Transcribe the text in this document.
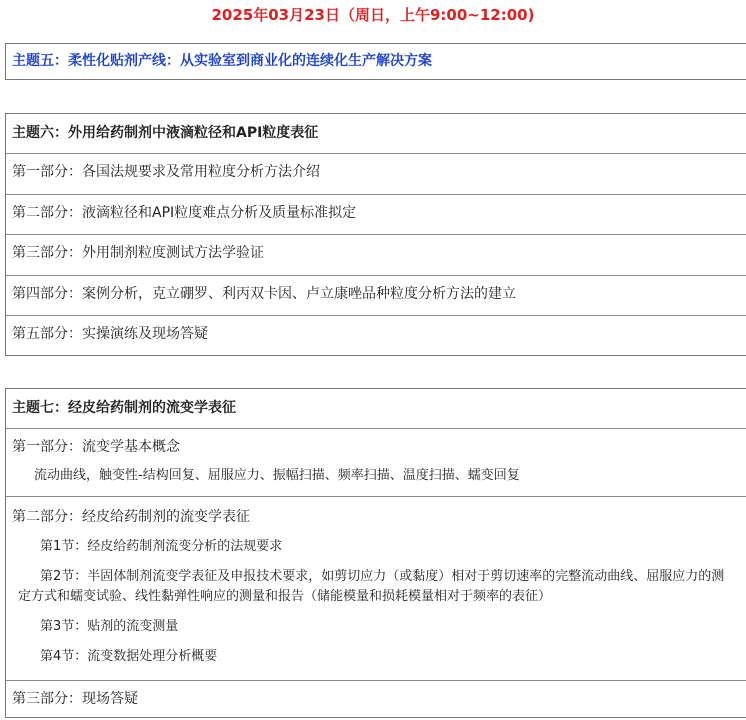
2025年03月23日（周日，上午9:00~12:00)
主题五：柔性化贴剂产线：从实验室到商业化的连续化生产解决方案
主题六：外用给药制剂中液滴粒径和API粒度表征
第一部分：各国法规要求及常用粒度分析方法介绍
第二部分：液滴粒径和API粒度难点分析及质量标准拟定
第三部分：外用制剂粒度测试方法学验证
第四部分：案例分析，克立硼罗、利丙双卡因、卢立康唑品种粒度分析方法的建立
第五部分：实操演练及现场答疑
主题七：经皮给药制剂的流变学表征
第一部分：流变学基本概念
流动曲线，触变性-结构回复、屈服应力、振幅扫描、频率扫描、温度扫描、蠕变回复
第二部分：经皮给药制剂的流变学表征
第1节：经皮给药制剂流变分析的法规要求
第2节：半固体制剂流变学表征及申报技术要求，如剪切应力（或黏度）相对于剪切速率的完整流动曲线、屈服应力的测定方式和蠕变试验、线性黏弹性响应的测量和报告（储能模量和损耗模量相对于频率的表征）
第3节：贴剂的流变测量
第4节：流变数据处理分析概要
第三部分：现场答疑
